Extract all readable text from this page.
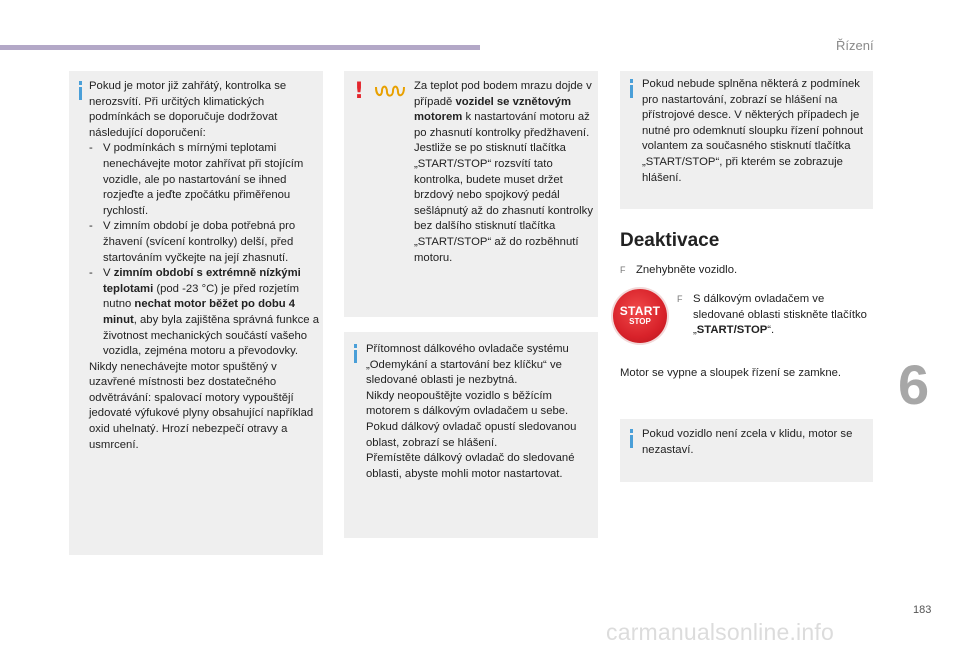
Řízení

Pokud je motor již zahřátý, kontrolka se nerozsvítí. Při určitých klimatických podmínkách se doporučuje dodržovat následující doporučení:

- V podmínkách s mírnými teplotami nenechávejte motor zahřívat při stojícím vozidle, ale po nastartování se ihned rozjeďte a jeďte zpočátku přiměřenou rychlostí.
- V zimním období je doba potřebná pro žhavení (svícení kontrolky) delší, před startováním vyčkejte na její zhasnutí.
- V zimním období s extrémně nízkými teplotami (pod -23 °C) je před rozjetím nutno nechat motor běžet po dobu 4 minut, aby byla zajištěna správná funkce a životnost mechanických součástí vašeho vozidla, zejména motoru a převodovky.

Nikdy nenechávejte motor spuštěný v uzavřené místnosti bez dostatečného odvětrávání: spalovací motory vypouštějí jedovaté výfukové plyny obsahující například oxid uhelnatý. Hrozí nebezpečí otravy a usmrcení.

!	Za teplot pod bodem mrazu dojde v případě vozidel se vznětovým motorem k nastartování motoru až po zhasnutí kontrolky předžhavení. Jestliže se po stisknutí tlačítka „START/STOP“ rozsvítí tato kontrolka, budete muset držet brzdový nebo spojkový pedál sešlápnutý až do zhasnutí kontrolky bez dalšího stisknutí tlačítka „START/STOP“ až do rozběhnutí motoru.

Přítomnost dálkového ovladače systému „Odemykání a startování bez klíčku“ ve sledované oblasti je nezbytná.

Nikdy neopouštějte vozidlo s běžícím motorem s dálkovým ovladačem u sebe.

Pokud dálkový ovladač opustí sledovanou oblast, zobrazí se hlášení.

Přemístěte dálkový ovladač do sledované oblasti, abyste mohli motor nastartovat.

Pokud nebude splněna některá z podmínek pro nastartování, zobrazí se hlášení na přístrojové desce. V některých případech je nutné pro odemknutí sloupku řízení pohnout volantem za současného stisknutí tlačítka „START/STOP“, při kterém se zobrazuje hlášení.

Deaktivace
F Znehybněte vozidlo.
START
STOP
F S dálkovým ovladačem ve sledované oblasti stiskněte tlačítko „START/STOP“.
Motor se vypne a sloupek řízení se zamkne.

Pokud vozidlo není zcela v klidu, motor se nezastaví.

6
183
carmanualsonline.info
